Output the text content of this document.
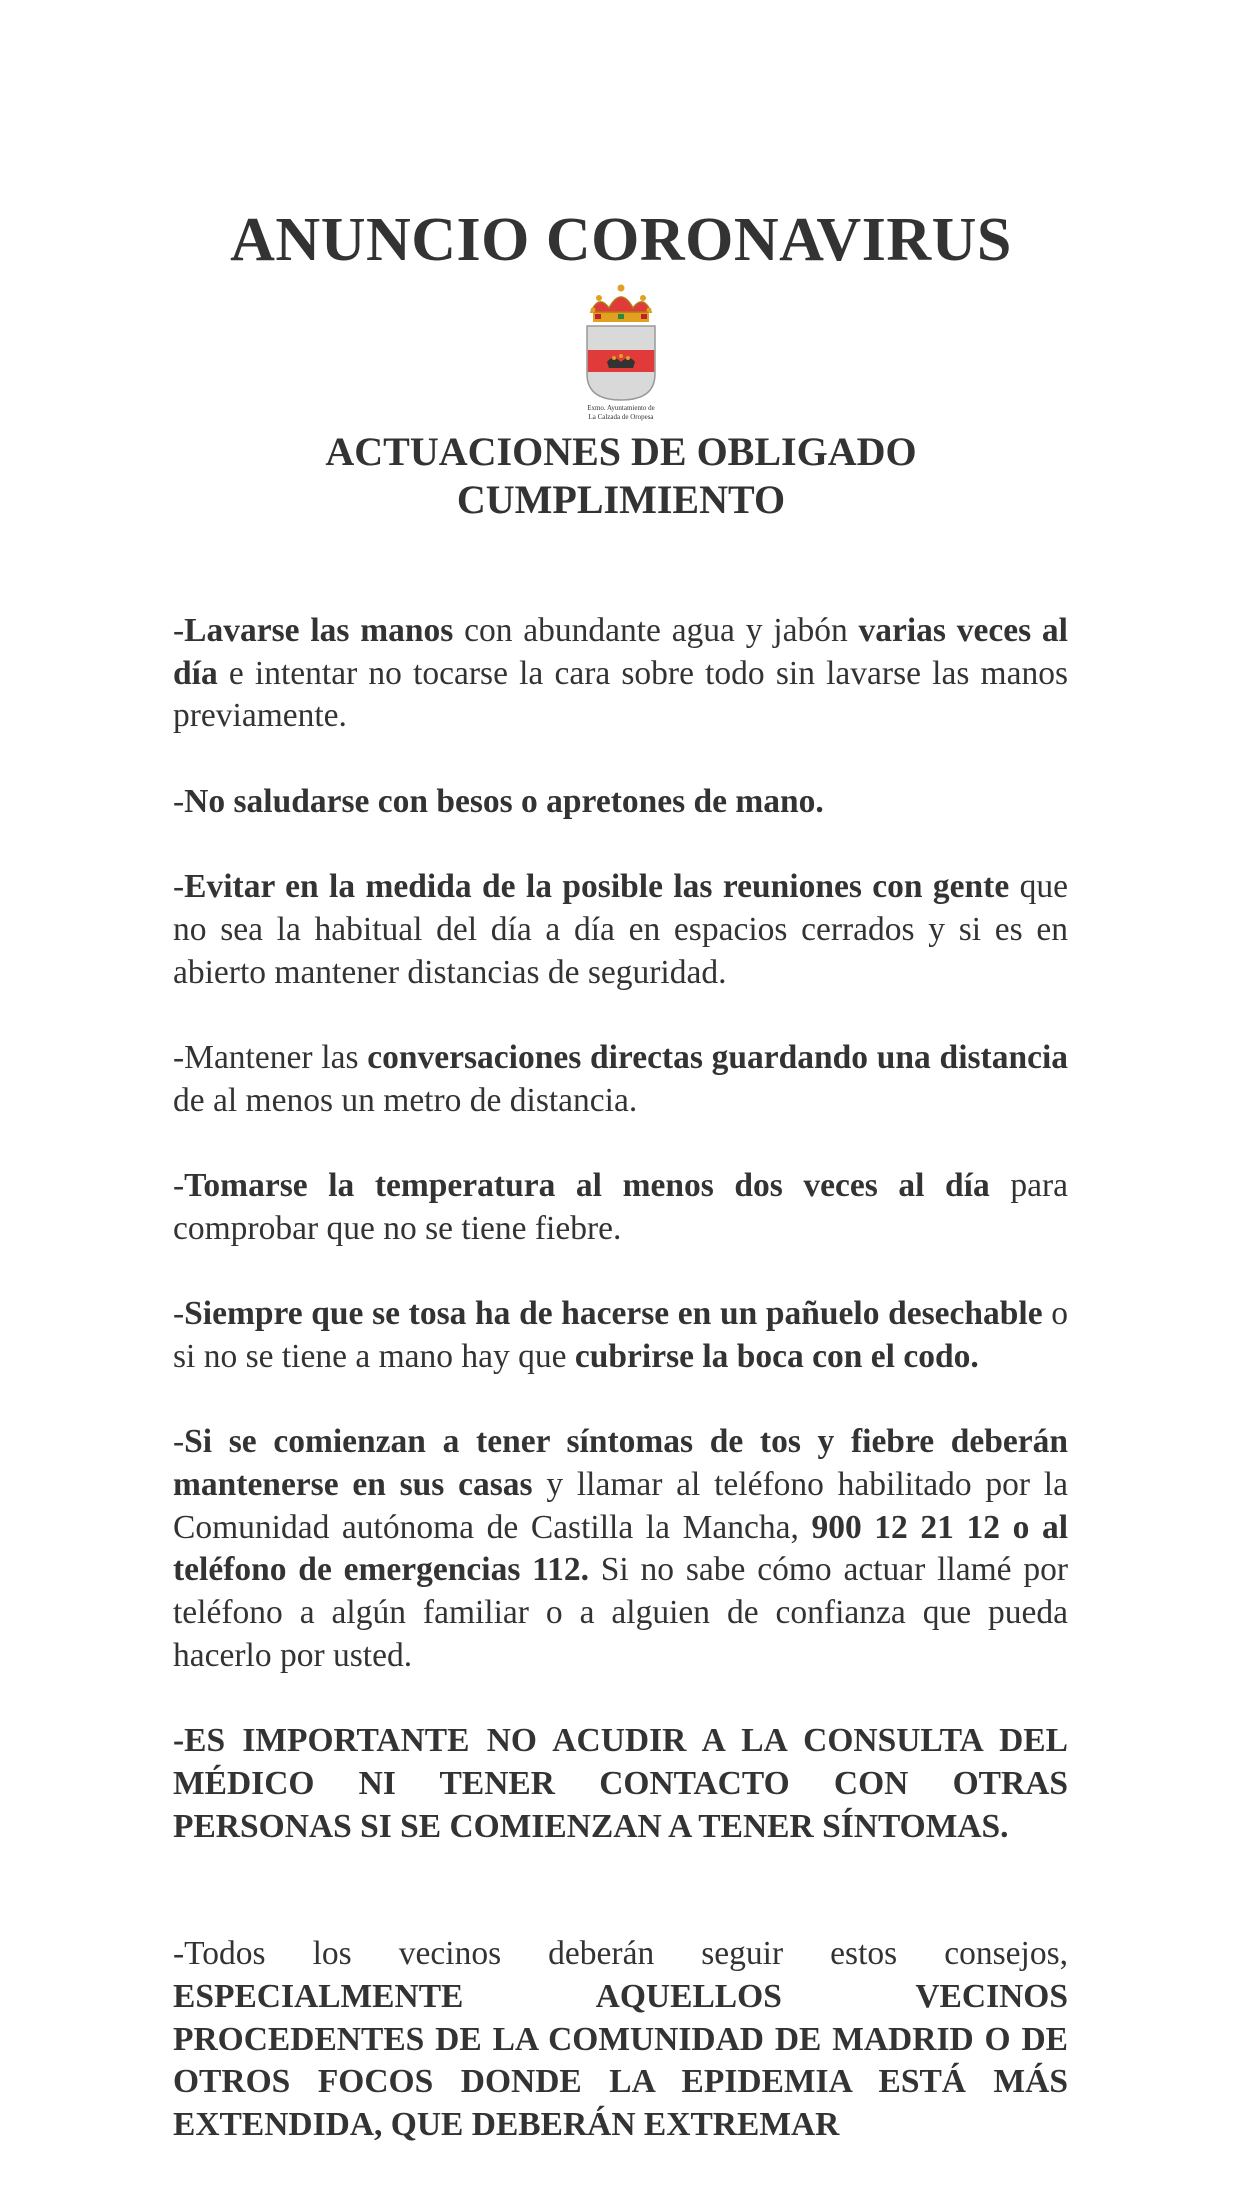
ANUNCIO CORONAVIRUS
Exmo. Ayuntamiento de
La Calzada de Oropesa
ACTUACIONES DE OBLIGADO
CUMPLIMIENTO

-Lavarse las manos con abundante agua y jabón varias veces al día e intentar no tocarse la cara sobre todo sin lavarse las manos previamente.

-No saludarse con besos o apretones de mano.

-Evitar en la medida de la posible las reuniones con gente que no sea la habitual del día a día en espacios cerrados y si es en abierto mantener distancias de seguridad.

-Mantener las conversaciones directas guardando una distancia de al menos un metro de distancia.

-Tomarse la temperatura al menos dos veces al día para comprobar que no se tiene fiebre.

-Siempre que se tosa ha de hacerse en un pañuelo desechable o si no se tiene a mano hay que cubrirse la boca con el codo.

-Si se comienzan a tener síntomas de tos y fiebre deberán mantenerse en sus casas y llamar al teléfono habilitado por la Comunidad autónoma de Castilla la Mancha, 900 12 21 12 o al teléfono de emergencias 112. Si no sabe cómo actuar llamé por teléfono a algún familiar o a alguien de confianza que pueda hacerlo por usted.

-ES IMPORTANTE NO ACUDIR A LA CONSULTA DEL MÉDICO NI TENER CONTACTO CON OTRAS PERSONAS SI SE COMIENZAN A TENER SÍNTOMAS.

-Todos los vecinos deberán seguir estos consejos, ESPECIALMENTE AQUELLOS VECINOS PROCEDENTES DE LA COMUNIDAD DE MADRID O DE OTROS FOCOS DONDE LA EPIDEMIA ESTÁ MÁS EXTENDIDA, QUE DEBERÁN EXTREMAR
